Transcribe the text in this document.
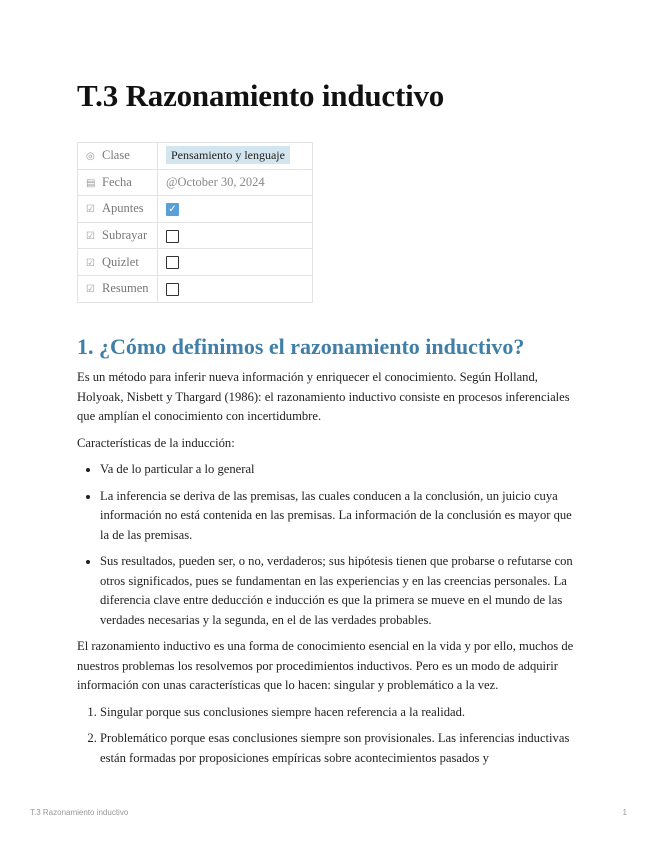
T.3 Razonamiento inductivo
◎ Clase	Pensamiento y lenguaje
▤ Fecha	@October 30, 2024
☑ Apuntes	✓
☑ Subrayar	
☑ Quizlet	
☑ Resumen	
1. ¿Cómo definimos el razonamiento inductivo?

Es un método para inferir nueva información y enriquecer el conocimiento. Según Holland, Holyoak, Nisbett y Thargard (1986): el razonamiento inductivo consiste en procesos inferenciales que amplían el conocimiento con incertidumbre.

Características de la inducción:

• Va de lo particular a lo general
• La inferencia se deriva de las premisas, las cuales conducen a la conclusión, un juicio cuya información no está contenida en las premisas. La información de la conclusión es mayor que la de las premisas.
• Sus resultados, pueden ser, o no, verdaderos; sus hipótesis tienen que probarse o refutarse con otros significados, pues se fundamentan en las experiencias y en las creencias personales. La diferencia clave entre deducción e inducción es que la primera se mueve en el mundo de las verdades necesarias y la segunda, en el de las verdades probables.

El razonamiento inductivo es una forma de conocimiento esencial en la vida y por ello, muchos de nuestros problemas los resolvemos por procedimientos inductivos. Pero es un modo de adquirir información con unas características que lo hacen: singular y problemático a la vez.

1. Singular porque sus conclusiones siempre hacen referencia a la realidad.
2. Problemático porque esas conclusiones siempre son provisionales. Las inferencias inductivas están formadas por proposiciones empíricas sobre acontecimientos pasados y
T.3 Razonamiento inductivo	1
